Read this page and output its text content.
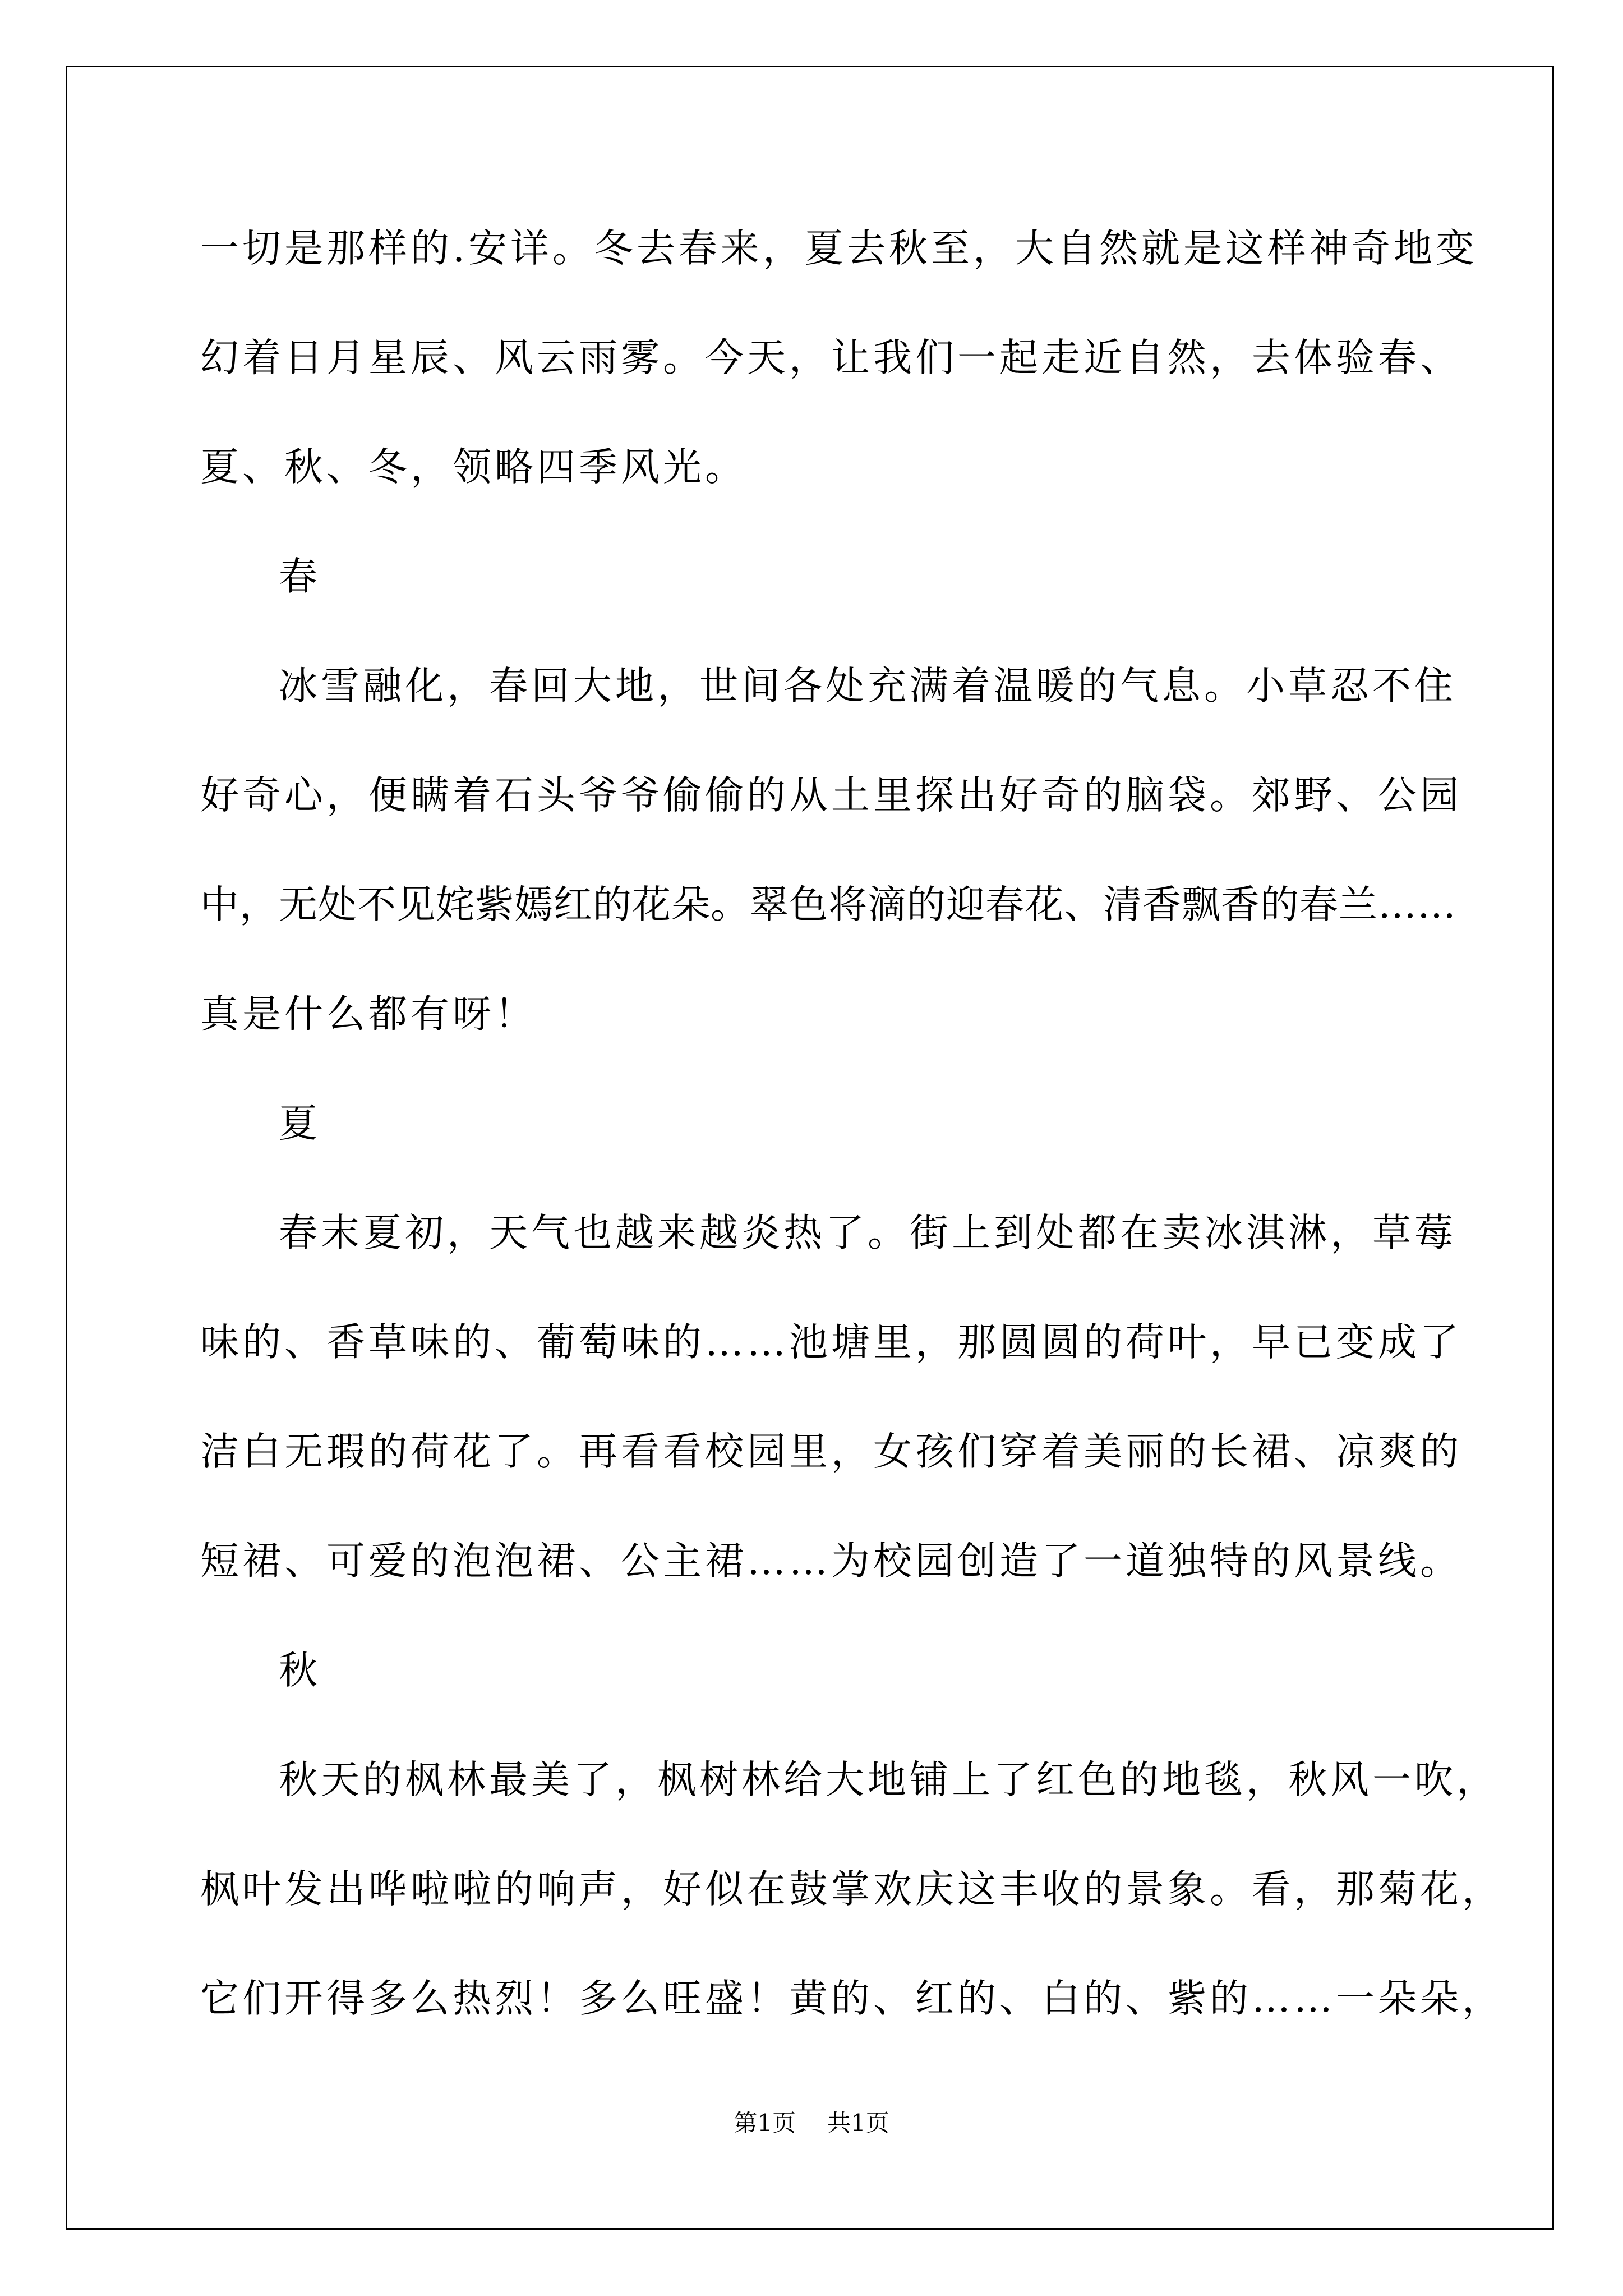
一切是那样的.安详。冬去春来，夏去秋至，大自然就是这样神奇地变
幻着日月星辰、风云雨雾。今天，让我们一起走近自然，去体验春、
夏、秋、冬，领略四季风光。
春
冰雪融化，春回大地，世间各处充满着温暖的气息。小草忍不住
好奇心，便瞒着石头爷爷偷偷的从土里探出好奇的脑袋。郊野、公园
中，无处不见姹紫嫣红的花朵。翠色将滴的迎春花、清香飘香的春兰……
真是什么都有呀！
夏
春末夏初，天气也越来越炎热了。街上到处都在卖冰淇淋，草莓
味的、香草味的、葡萄味的……池塘里，那圆圆的荷叶，早已变成了
洁白无瑕的荷花了。再看看校园里，女孩们穿着美丽的长裙、凉爽的
短裙、可爱的泡泡裙、公主裙……为校园创造了一道独特的风景线。
秋
秋天的枫林最美了，枫树林给大地铺上了红色的地毯，秋风一吹，
枫叶发出哗啦啦的响声，好似在鼓掌欢庆这丰收的景象。看，那菊花，
它们开得多么热烈！多么旺盛！黄的、红的、白的、紫的……一朵朵，
第1页 共1页
